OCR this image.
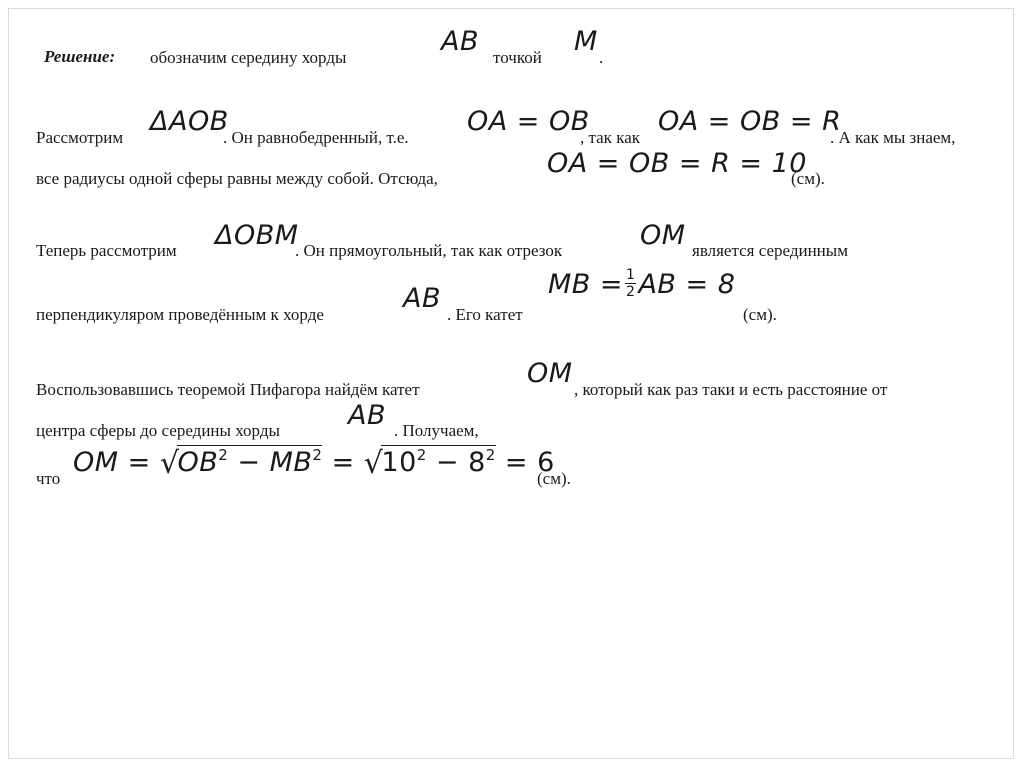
Решение: обозначим середину хорды
AB
точкой
M
.
Рассмотрим
ΔAOB
. Он равнобедренный, т.е.
OA = OB
, так как
OA = OB = R
. А как мы знаем,
все радиусы одной сферы равны между собой. Отсюда,	OA = OB = R = 10
(см).
Теперь рассмотрим ΔOBM
. Он прямоугольный, так как отрезок	OM является серединным
перпендикуляром проведённым к хорде
AB
. Его катет
MB = $\frac{1}{2}$ AB = 8
(см).
Воспользовавшись теоремой Пифагора найдём катет
OM
, который как раз таки и есть расстояние от
центра сферы до середины хорды	AB . Получаем,
что
OM = $√OB^2 - MB^2 = √10^2 - 8^2 = 6$
(см).
